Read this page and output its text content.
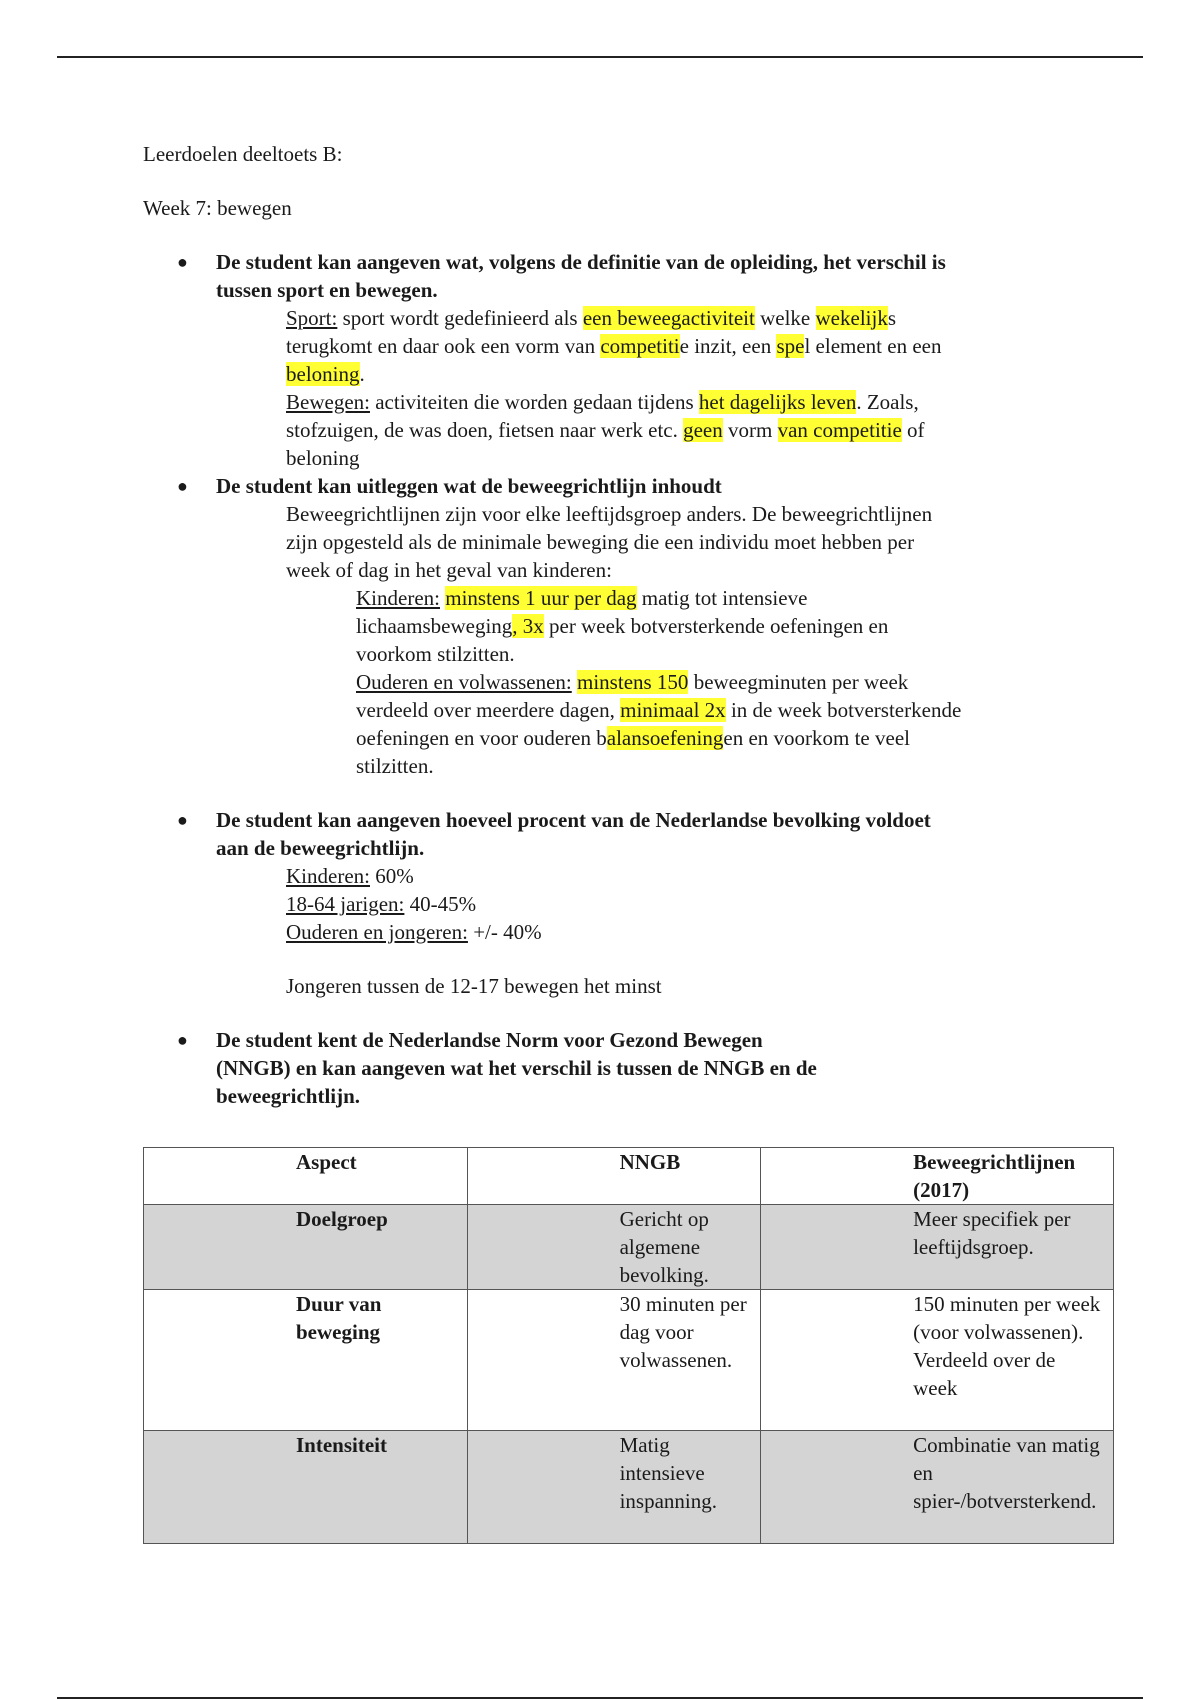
Leerdoelen deeltoets B:

Week 7: bewegen

● De student kan aangeven wat, volgens de definitie van de opleiding, het verschil is
tussen sport en bewegen.
Sport: sport wordt gedefinieerd als een beweegactiviteit welke wekelijks
terugkomt en daar ook een vorm van competitie inzit, een spel element en een
beloning.
Bewegen: activiteiten die worden gedaan tijdens het dagelijks leven. Zoals,
stofzuigen, de was doen, fietsen naar werk etc. geen vorm van competitie of
beloning
● De student kan uitleggen wat de beweegrichtlijn inhoudt
Beweegrichtlijnen zijn voor elke leeftijdsgroep anders. De beweegrichtlijnen
zijn opgesteld als de minimale beweging die een individu moet hebben per
week of dag in het geval van kinderen:
Kinderen: minstens 1 uur per dag matig tot intensieve
lichaamsbeweging, 3x per week botversterkende oefeningen en
voorkom stilzitten.
Ouderen en volwassenen: minstens 150 beweegminuten per week
verdeeld over meerdere dagen, minimaal 2x in de week botversterkende
oefeningen en voor ouderen balansoefeningen en voorkom te veel
stilzitten.
● De student kan aangeven hoeveel procent van de Nederlandse bevolking voldoet
aan de beweegrichtlijn.
Kinderen: 60%
18-64 jarigen: 40-45%
Ouderen en jongeren: +/- 40%
Jongeren tussen de 12-17 bewegen het minst
● De student kent de Nederlandse Norm voor Gezond Bewegen
(NNGB) en kan aangeven wat het verschil is tussen de NNGB en de
beweegrichtlijn.
Aspect	NNGB	Beweegrichtlijnen (2017)

Doelgroep	Gericht op algemene bevolking.	Meer specifiek per leeftijdsgroep.

Duur van beweging	30 minuten per dag voor volwassenen.	150 minuten per week (voor volwassenen). Verdeeld over de week

Intensiteit	Matig intensieve inspanning.	Combinatie van matig en spier-/botversterkend.
